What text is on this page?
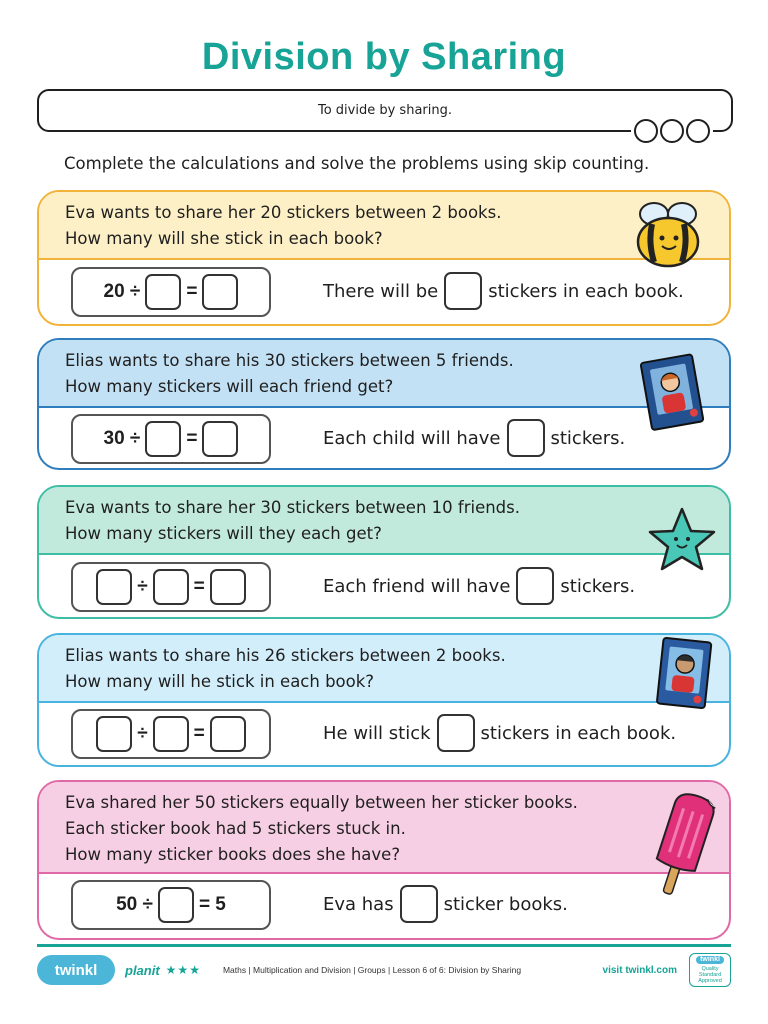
Division by Sharing
To divide by sharing.
Complete the calculations and solve the problems using skip counting.
Eva wants to share her 20 stickers between 2 books.
How many will she stick in each book?
20 ÷ =	There will be	stickers in each book.
Elias wants to share his 30 stickers between 5 friends.
How many stickers will each friend get?
30 ÷ =	Each child will have	stickers.
Eva wants to share her 30 stickers between 10 friends.
How many stickers will they each get?
÷ =	Each friend will have	stickers.
Elias wants to share his 26 stickers between 2 books.
How many will he stick in each book?
÷ =	He will stick	stickers in each book.
Eva shared her 50 stickers equally between her sticker books.
Each sticker book had 5 stickers stuck in.
How many sticker books does she have?
50 ÷ = 5	Eva has	sticker books.
twinkl	planit ★★★	Maths | Multiplication and Division | Groups | Lesson 6 of 6: Division by Sharing	visit twinkl.com
twinkl
Quality Standard Approved
